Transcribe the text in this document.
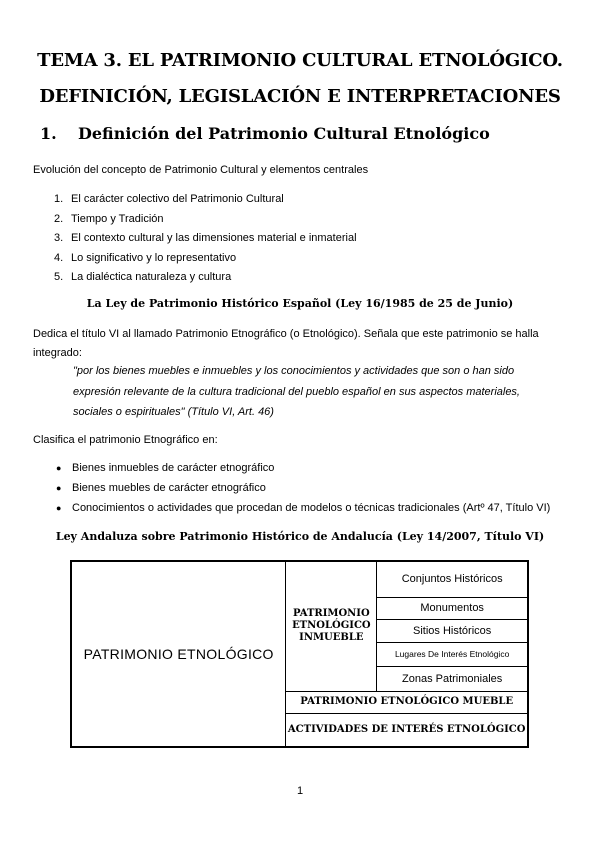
TEMA 3. EL PATRIMONIO CULTURAL ETNOLÓGICO.
DEFINICIÓN, LEGISLACIÓN E INTERPRETACIONES
1. Definición del Patrimonio Cultural Etnológico
Evolución del concepto de Patrimonio Cultural y elementos centrales
1. El carácter colectivo del Patrimonio Cultural
2. Tiempo y Tradición
3. El contexto cultural y las dimensiones material e inmaterial
4. Lo significativo y lo representativo
5. La dialéctica naturaleza y cultura
La Ley de Patrimonio Histórico Español (Ley 16/1985 de 25 de Junio)
Dedica el título VI al llamado Patrimonio Etnográfico (o Etnológico). Señala que este patrimonio se halla integrado:
"por los bienes muebles e inmuebles y los conocimientos y actividades que son o han sido expresión relevante de la cultura tradicional del pueblo español en sus aspectos materiales, sociales o espirituales" (Título VI, Art. 46)
Clasifica el patrimonio Etnográfico en:
● Bienes inmuebles de carácter etnográfico
● Bienes muebles de carácter etnográfico
● Conocimientos o actividades que procedan de modelos o técnicas tradicionales (Artº 47, Título VI)
Ley Andaluza sobre Patrimonio Histórico de Andalucía (Ley 14/2007, Título VI)
PATRIMONIO ETNOLÓGICO	PATRIMONIO ETNOLÓGICO INMUEBLE	Conjuntos Históricos
Monumentos
Sitios Históricos
Lugares De Interés Etnológico
Zonas Patrimoniales
PATRIMONIO ETNOLÓGICO MUEBLE
ACTIVIDADES DE INTERÉS ETNOLÓGICO
1
